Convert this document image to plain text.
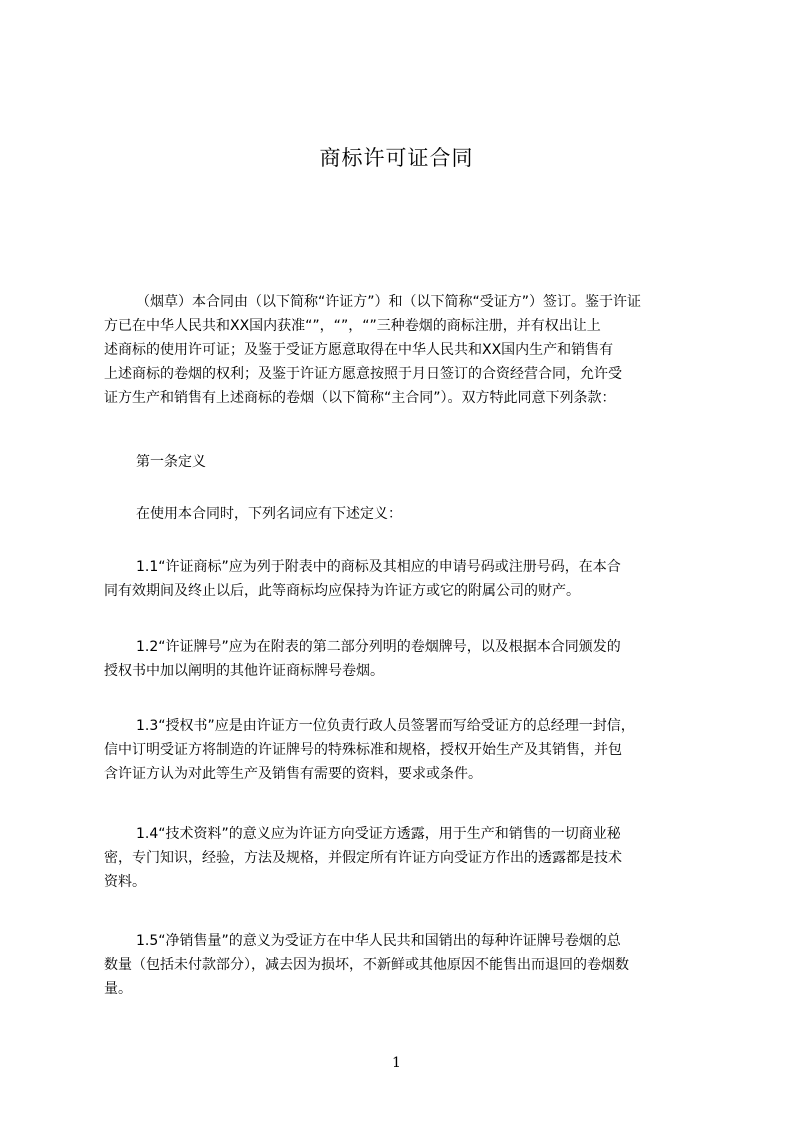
商标许可证合同
（烟草）本合同由（以下简称“许证方”）和（以下简称“受证方”）签订。鉴于许证
方已在中华人民共和XX国内获准“”，“”，“”三种卷烟的商标注册，并有权出让上
述商标的使用许可证；及鉴于受证方愿意取得在中华人民共和XX国内生产和销售有
上述商标的卷烟的权利；及鉴于许证方愿意按照于月日签订的合资经营合同，允许受
证方生产和销售有上述商标的卷烟（以下简称“主合同”）。双方特此同意下列条款：
第一条定义
在使用本合同时，下列名词应有下述定义：
1.1“许证商标”应为列于附表中的商标及其相应的申请号码或注册号码，在本合
同有效期间及终止以后，此等商标均应保持为许证方或它的附属公司的财产。
1.2“许证牌号”应为在附表的第二部分列明的卷烟牌号，以及根据本合同颁发的
授权书中加以阐明的其他许证商标牌号卷烟。
1.3“授权书”应是由许证方一位负责行政人员签署而写给受证方的总经理一封信，
信中订明受证方将制造的许证牌号的特殊标准和规格，授权开始生产及其销售，并包
含许证方认为对此等生产及销售有需要的资料，要求或条件。
1.4“技术资料”的意义应为许证方向受证方透露，用于生产和销售的一切商业秘
密，专门知识，经验，方法及规格，并假定所有许证方向受证方作出的透露都是技术
资料。
1.5“净销售量”的意义为受证方在中华人民共和国销出的每种许证牌号卷烟的总
数量（包括未付款部分），减去因为损坏，不新鲜或其他原因不能售出而退回的卷烟数
量。
1
